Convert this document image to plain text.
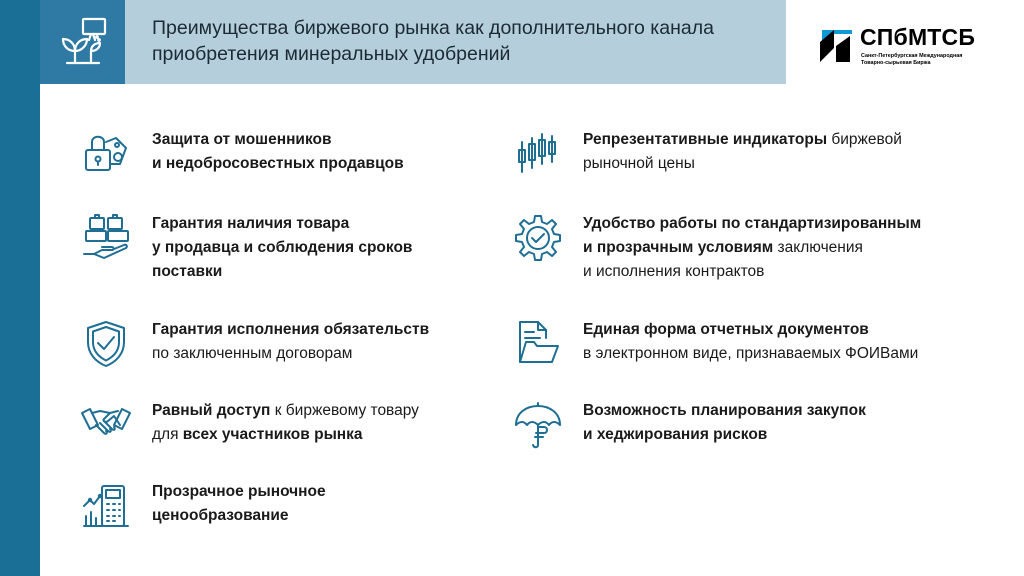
Преимущества биржевого рынка как дополнительного канала
приобретения минеральных удобрений
СПбМТСБ
Санкт-Петербургская Международная
Товарно-сырьевая Биржа
Защита от мошенников
и недобросовестных продавцов
Гарантия наличия товара
у продавца и соблюдения сроков
поставки
Гарантия исполнения обязательств
по заключенным договорам
Равный доступ к биржевому товару
для всех участников рынка
Прозрачное рыночное
ценообразование
Репрезентативные индикаторы биржевой
рыночной цены
Удобство работы по стандартизированным
и прозрачным условиям заключения
и исполнения контрактов
Единая форма отчетных документов
в электронном виде, признаваемых ФОИВами
Возможность планирования закупок
и хеджирования рисков
